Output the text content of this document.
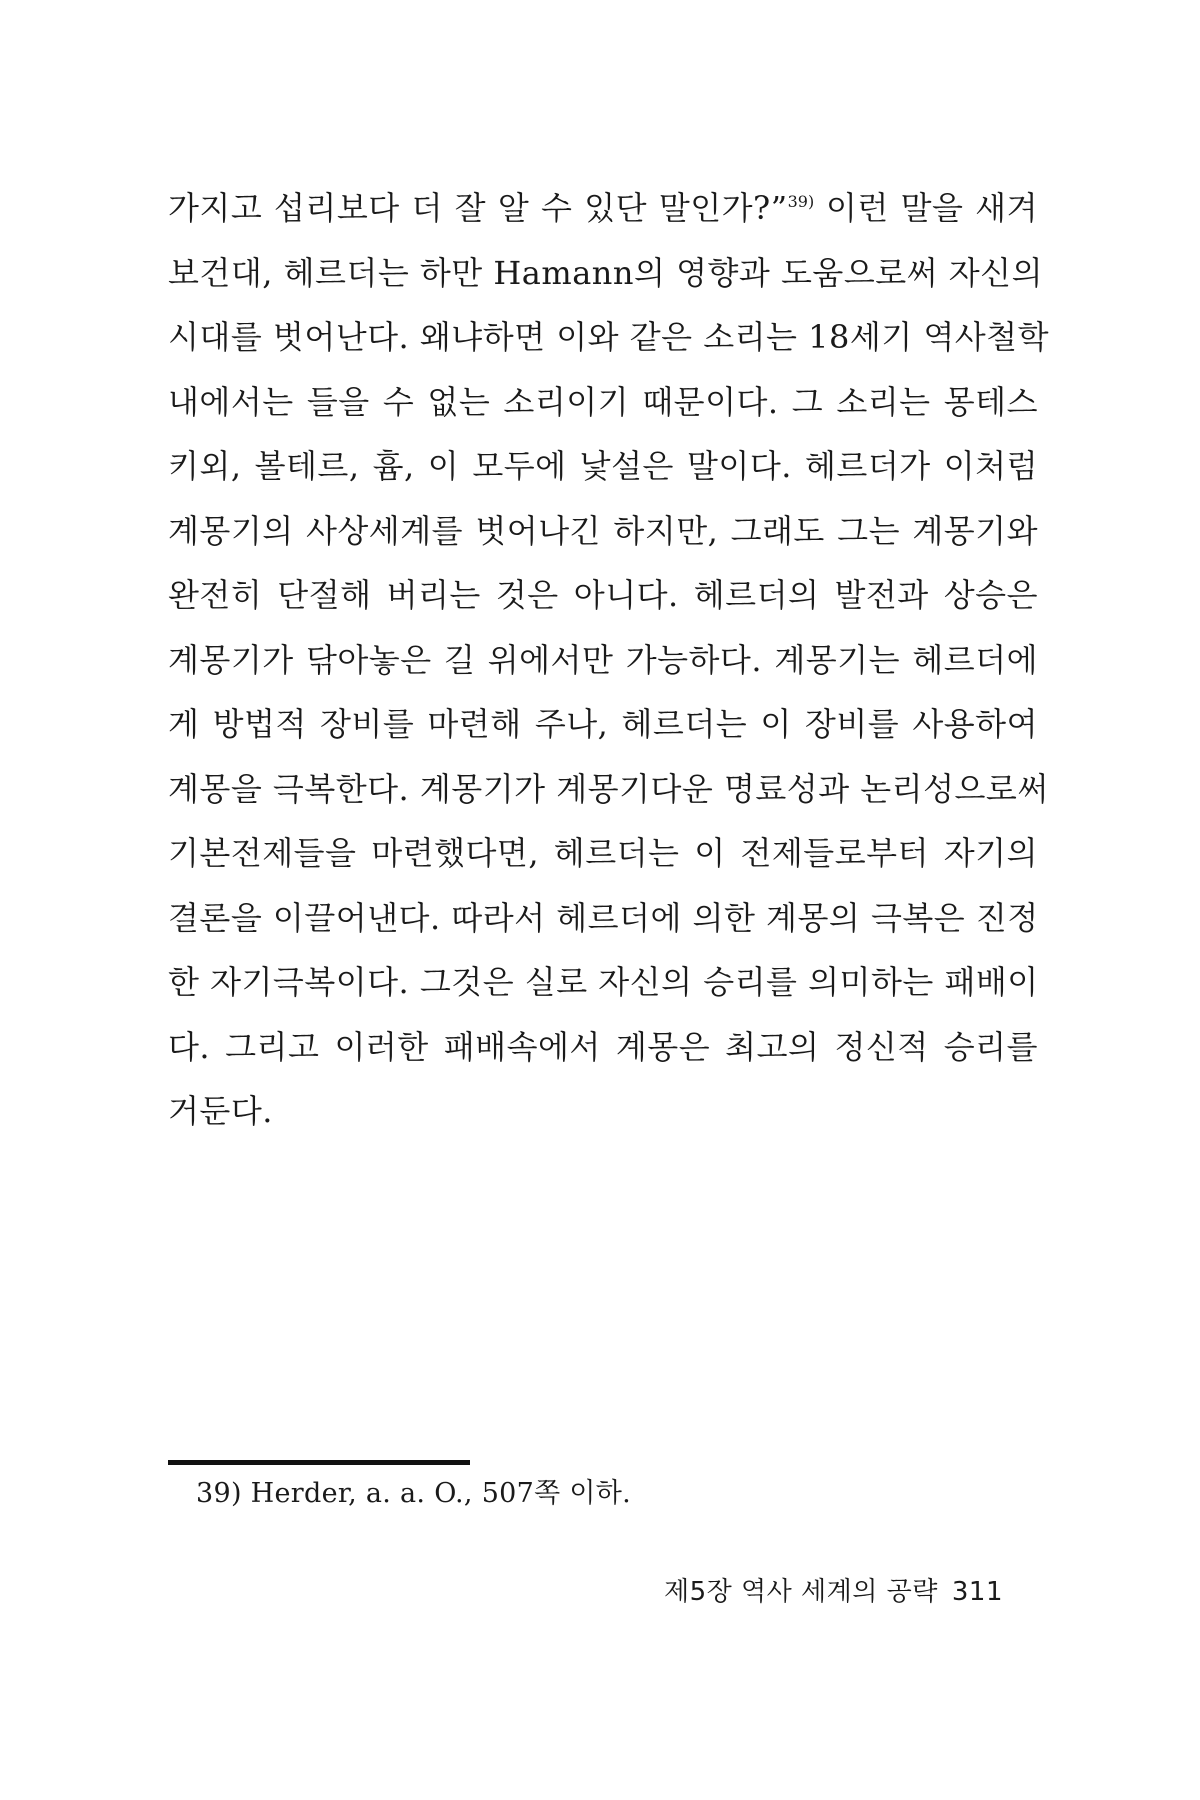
가지고 섭리보다 더 잘 알 수 있단 말인가?”$^{39)}$ 이런 말을 새겨
보건대, 헤르더는 하만 Hamann의 영향과 도움으로써 자신의
시대를 벗어난다. 왜냐하면 이와 같은 소리는 18세기 역사철학
내에서는 들을 수 없는 소리이기 때문이다. 그 소리는 몽테스
키외, 볼테르, 흄, 이 모두에 낯설은 말이다. 헤르더가 이처럼
계몽기의 사상세계를 벗어나긴 하지만, 그래도 그는 계몽기와
완전히 단절해 버리는 것은 아니다. 헤르더의 발전과 상승은
계몽기가 닦아놓은 길 위에서만 가능하다. 계몽기는 헤르더에
게 방법적 장비를 마련해 주나, 헤르더는 이 장비를 사용하여
계몽을 극복한다. 계몽기가 계몽기다운 명료성과 논리성으로써
기본전제들을 마련했다면, 헤르더는 이 전제들로부터 자기의
결론을 이끌어낸다. 따라서 헤르더에 의한 계몽의 극복은 진정
한 자기극복이다. 그것은 실로 자신의 승리를 의미하는 패배이
다. 그리고 이러한 패배속에서 계몽은 최고의 정신적 승리를
거둔다.
39) Herder, a. a. O., 507쪽 이하.
제5장 역사 세계의 공략 311
